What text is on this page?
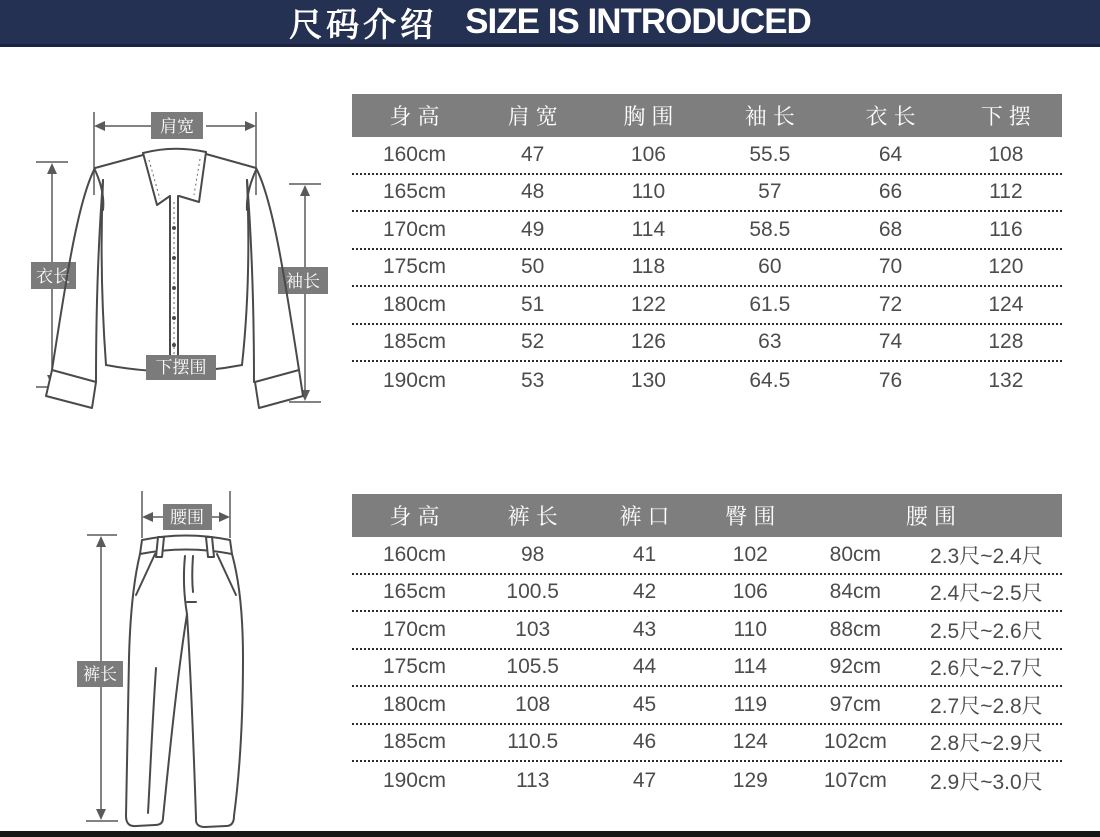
尺码介绍 SIZE IS INTRODUCED
肩宽
衣长	袖长
下摆围
腰围
裤长
身 高	肩 宽	胸 围	袖 长	衣 长	下 摆
160cm	47	106	55.5	64	108
165cm	48	110	57	66	112
170cm	49	114	58.5	68	116
175cm	50	118	60	70	120
180cm	51	122	61.5	72	124
185cm	52	126	63	74	128
190cm	53	130	64.5	76	132
身 高	裤 长	裤 口	臀 围	腰 围
160cm	98	41	102	80cm	2.3尺~2.4尺
165cm	100.5	42	106	84cm	2.4尺~2.5尺
170cm	103	43	110	88cm	2.5尺~2.6尺
175cm	105.5	44	114	92cm	2.6尺~2.7尺
180cm	108	45	119	97cm	2.7尺~2.8尺
185cm	110.5	46	124	102cm	2.8尺~2.9尺
190cm	113	47	129	107cm	2.9尺~3.0尺
